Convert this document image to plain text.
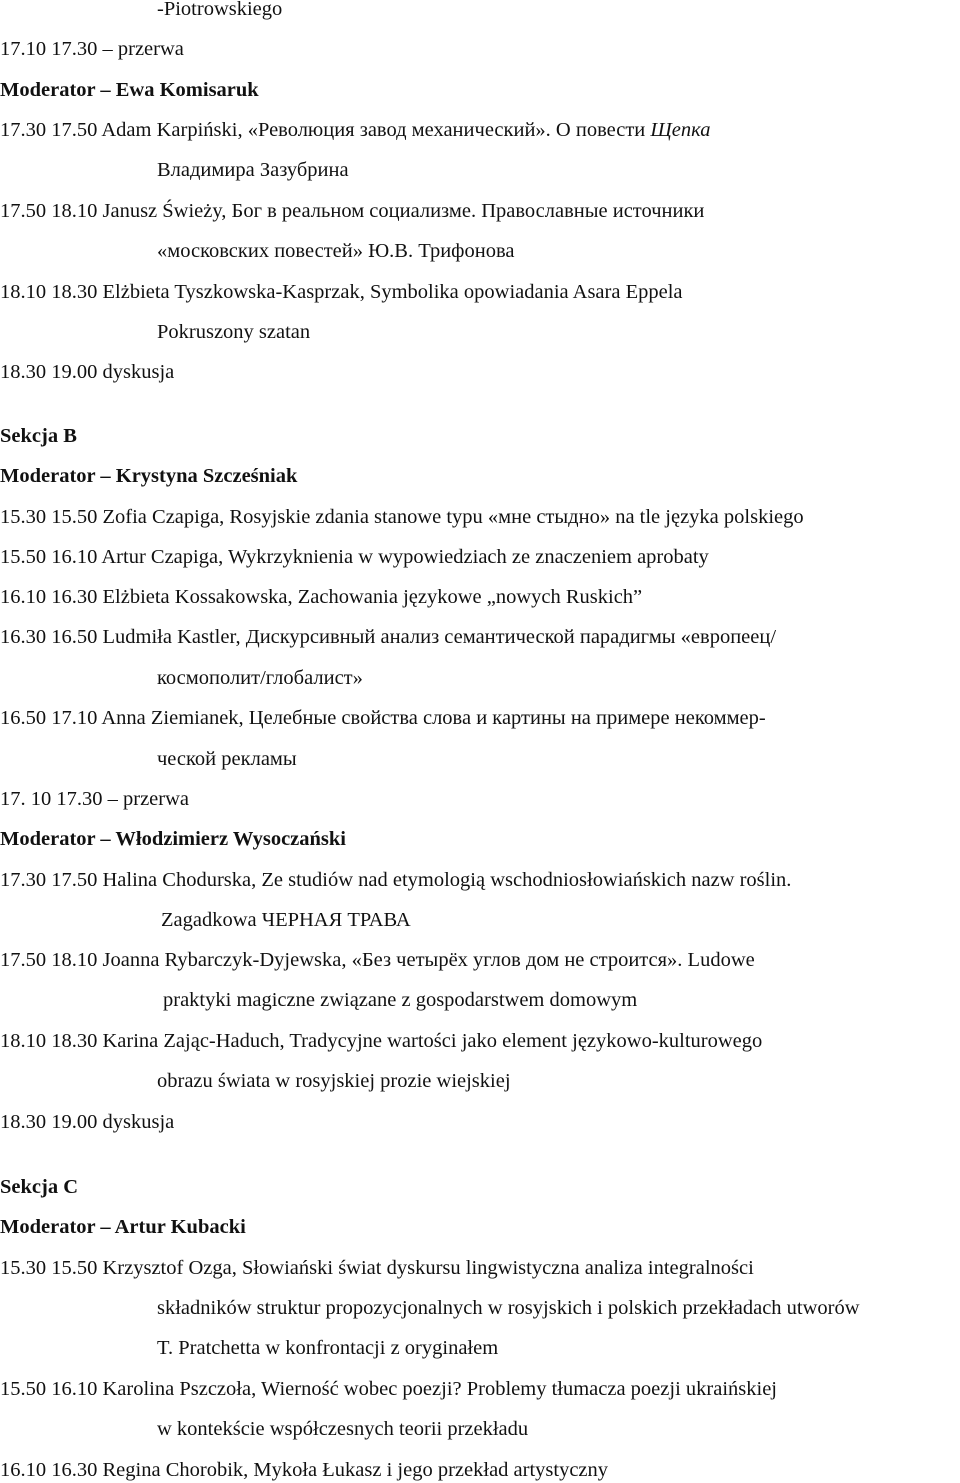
-Piotrowskiego
17.10 17.30 – przerwa
Moderator – Ewa Komisaruk
17.30 17.50 Adam Karpiński, «Революция завод механический». О повести Щепка
Владимира Зазубрина
17.50 18.10 Janusz Świeży, Бог в реальном социализме. Православные источники
«московских повестей» Ю.В. Трифонова
18.10 18.30 Elżbieta Tyszkowska-Kasprzak, Symbolika opowiadania Asara Eppela
Pokruszony szatan
18.30 19.00 dyskusja
Sekcja B
Moderator – Krystyna Szcześniak
15.30 15.50 Zofia Czapiga, Rosyjskie zdania stanowe typu «мне стыдно» na tle języka polskiego
15.50 16.10 Artur Czapiga, Wykrzyknienia w wypowiedziach ze znaczeniem aprobaty
16.10 16.30 Elżbieta Kossakowska, Zachowania językowe „nowych Ruskich”
16.30 16.50 Ludmiła Kastler, Дискурсивный анализ семантической парадигмы «европеец/
космополит/глобалист»
16.50 17.10 Anna Ziemianek, Целебные свойства слова и картины на примере некоммер-
ческой рекламы
17. 10 17.30 – przerwa
Moderator – Włodzimierz Wysoczański
17.30 17.50 Halina Chodurska, Ze studiów nad etymologią wschodniosłowiańskich nazw roślin.
Zagadkowa ЧЕРНАЯ ТРАВА
17.50 18.10 Joanna Rybarczyk-Dyjewska, «Без четырёх углов дом не строится». Ludowe
praktyki magiczne związane z gospodarstwem domowym
18.10 18.30 Karina Zając-Haduch, Tradycyjne wartości jako element językowo-kulturowego
obrazu świata w rosyjskiej prozie wiejskiej
18.30 19.00 dyskusja
Sekcja C
Moderator – Artur Kubacki
15.30 15.50 Krzysztof Ozga, Słowiański świat dyskursu lingwistyczna analiza integralności
składników struktur propozycjonalnych w rosyjskich i polskich przekładach utworów
T. Pratchetta w konfrontacji z oryginałem
15.50 16.10 Karolina Pszczoła, Wierność wobec poezji? Problemy tłumacza poezji ukraińskiej
w kontekście współczesnych teorii przekładu
16.10 16.30 Regina Chorobik, Mykoła Łukasz i jego przekład artystyczny
